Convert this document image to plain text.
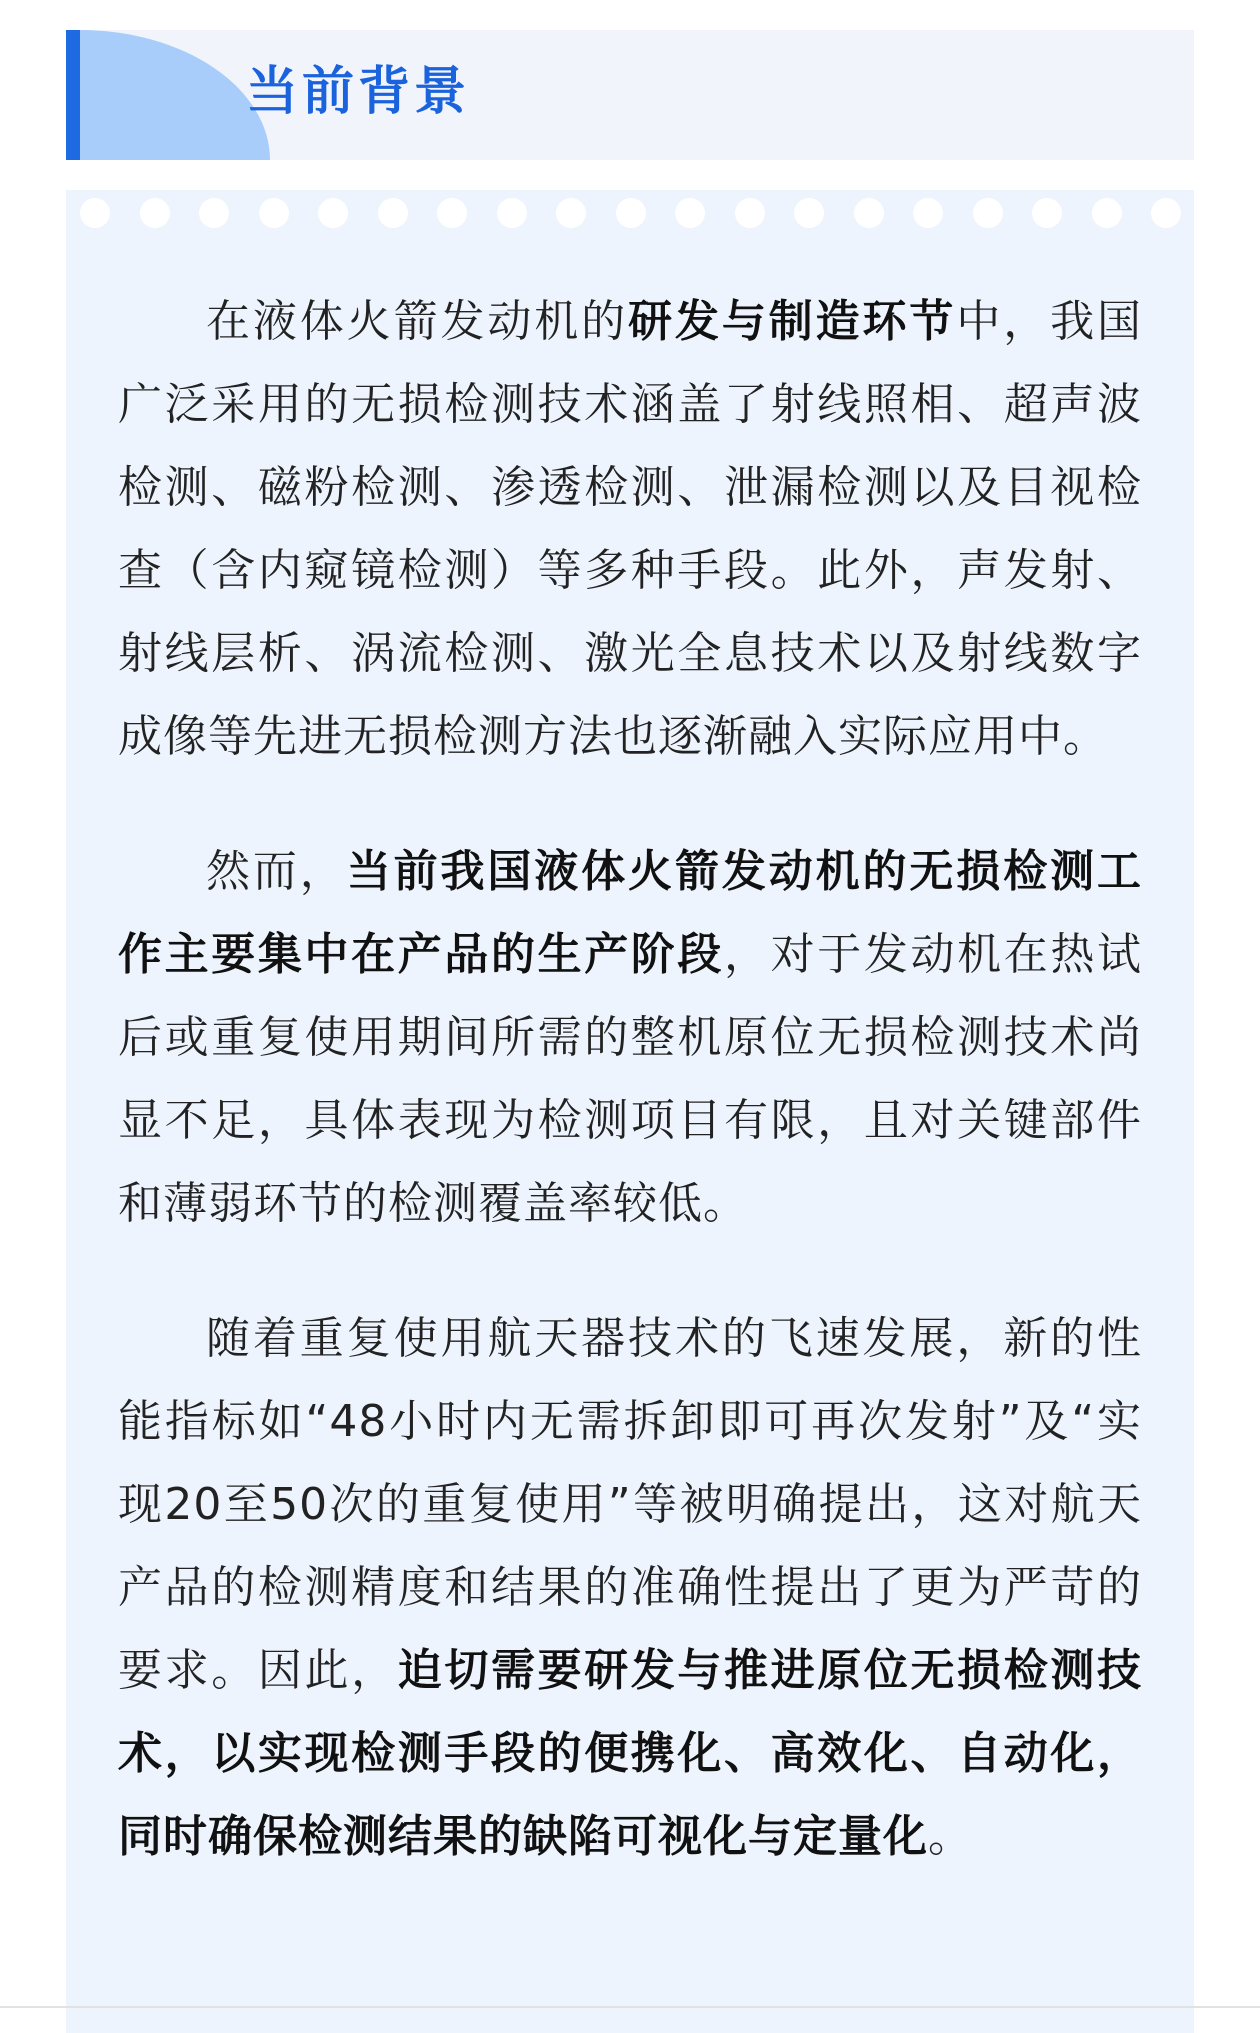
当前背景

在液体火箭发动机的研发与制造环节中，我国广泛采用的无损检测技术涵盖了射线照相、超声波检测、磁粉检测、渗透检测、泄漏检测以及目视检查（含内窥镜检测）等多种手段。此外，声发射、射线层析、涡流检测、激光全息技术以及射线数字成像等先进无损检测方法也逐渐融入实际应用中。

然而，当前我国液体火箭发动机的无损检测工作主要集中在产品的生产阶段，对于发动机在热试后或重复使用期间所需的整机原位无损检测技术尚显不足，具体表现为检测项目有限，且对关键部件和薄弱环节的检测覆盖率较低。

随着重复使用航天器技术的飞速发展，新的性能指标如“48小时内无需拆卸即可再次发射”及“实现20至50次的重复使用”等被明确提出，这对航天产品的检测精度和结果的准确性提出了更为严苛的要求。因此，迫切需要研发与推进原位无损检测技术，以实现检测手段的便携化、高效化、自动化，同时确保检测结果的缺陷可视化与定量化。
